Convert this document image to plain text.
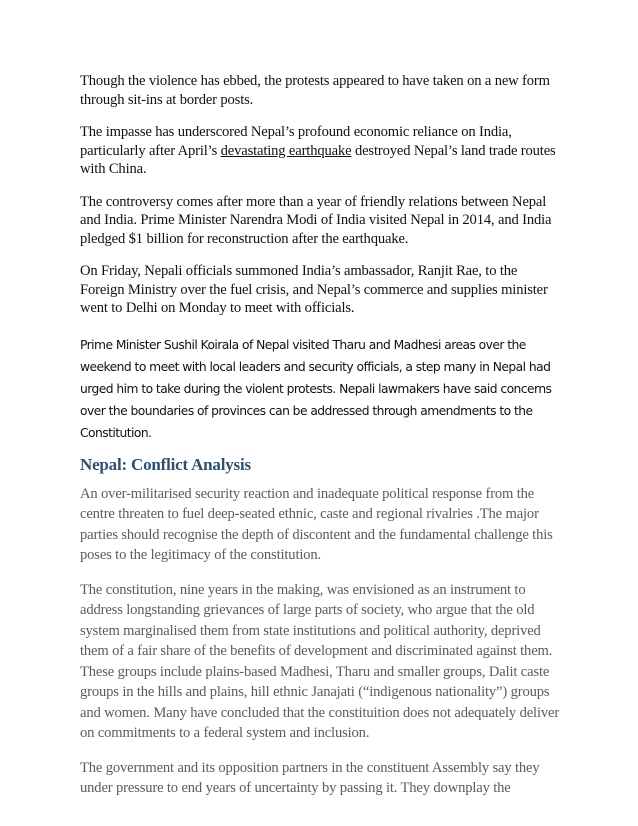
Though the violence has ebbed, the protests appeared to have taken on a new form through sit-ins at border posts.

The impasse has underscored Nepal’s profound economic reliance on India, particularly after April’s devastating earthquake destroyed Nepal’s land trade routes with China.

The controversy comes after more than a year of friendly relations between Nepal and India. Prime Minister Narendra Modi of India visited Nepal in 2014, and India pledged $1 billion for reconstruction after the earthquake.

On Friday, Nepali officials summoned India’s ambassador, Ranjit Rae, to the Foreign Ministry over the fuel crisis, and Nepal’s commerce and supplies minister went to Delhi on Monday to meet with officials.

Prime Minister Sushil Koirala of Nepal visited Tharu and Madhesi areas over the weekend to meet with local leaders and security officials, a step many in Nepal had urged him to take during the violent protests. Nepali lawmakers have said concerns over the boundaries of provinces can be addressed through amendments to the Constitution.

Nepal: Conflict Analysis

An over-militarised security reaction and inadequate political response from the centre threaten to fuel deep-seated ethnic, caste and regional rivalries .The major parties should recognise the depth of discontent and the fundamental challenge this poses to the legitimacy of the constitution.

The constitution, nine years in the making, was envisioned as an instrument to address longstanding grievances of large parts of society, who argue that the old system marginalised them from state institutions and political authority, deprived them of a fair share of the benefits of development and discriminated against them. These groups include plains-based Madhesi, Tharu and smaller groups, Dalit caste groups in the hills and plains, hill ethnic Janajati (“indigenous nationality”) groups and women. Many have concluded that the constituition does not adequately deliver on commitments to a federal system and inclusion.

The government and its opposition partners in the constituent Assembly say they under pressure to end years of uncertainty by passing it. They downplay the
